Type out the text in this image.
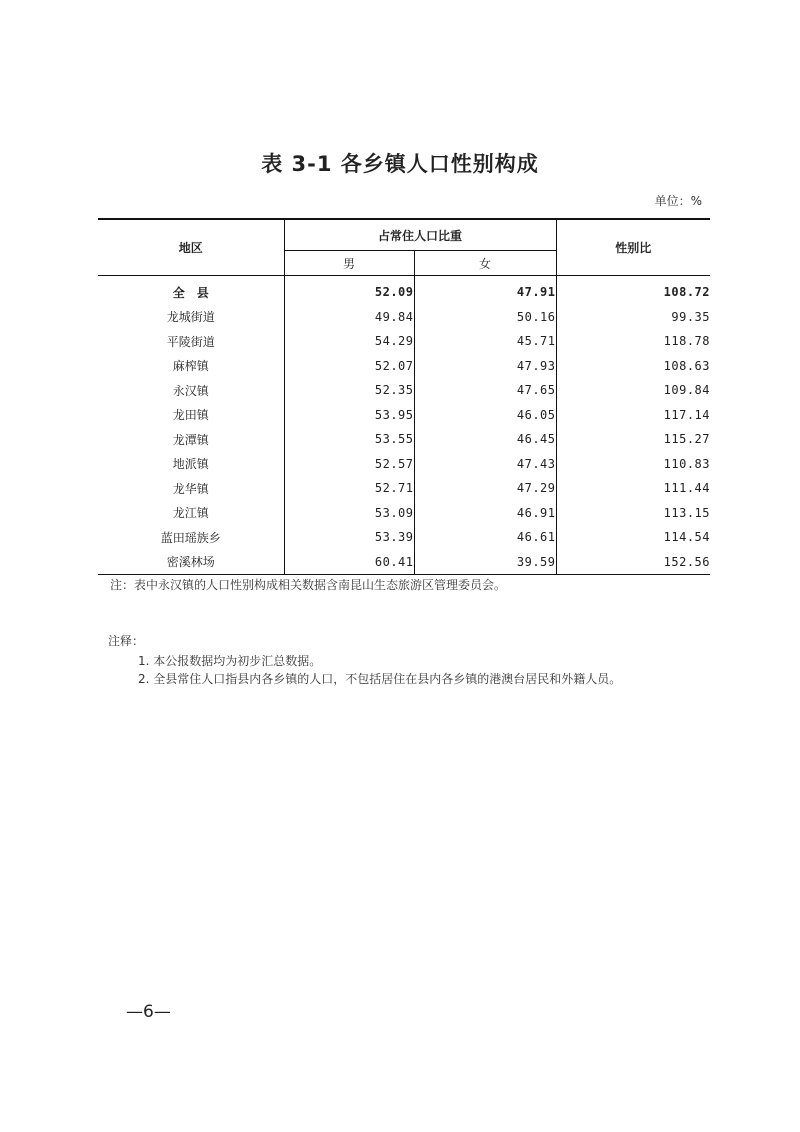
表 3-1 各乡镇人口性别构成
单位：%
地区	占常住人口比重		性别比
	男	女	
全　县	52.09	47.91	108.72
龙城街道	49.84	50.16	99.35
平陵街道	54.29	45.71	118.78
麻榨镇	52.07	47.93	108.63
永汉镇	52.35	47.65	109.84
龙田镇	53.95	46.05	117.14
龙潭镇	53.55	46.45	115.27
地派镇	52.57	47.43	110.83
龙华镇	52.71	47.29	111.44
龙江镇	53.09	46.91	113.15
蓝田瑶族乡	53.39	46.61	114.54
密溪林场	60.41	39.59	152.56
注：表中永汉镇的人口性别构成相关数据含南昆山生态旅游区管理委员会。
注释：
1. 本公报数据均为初步汇总数据。
2. 全县常住人口指县内各乡镇的人口，不包括居住在县内各乡镇的港澳台居民和外籍人员。
—6—
